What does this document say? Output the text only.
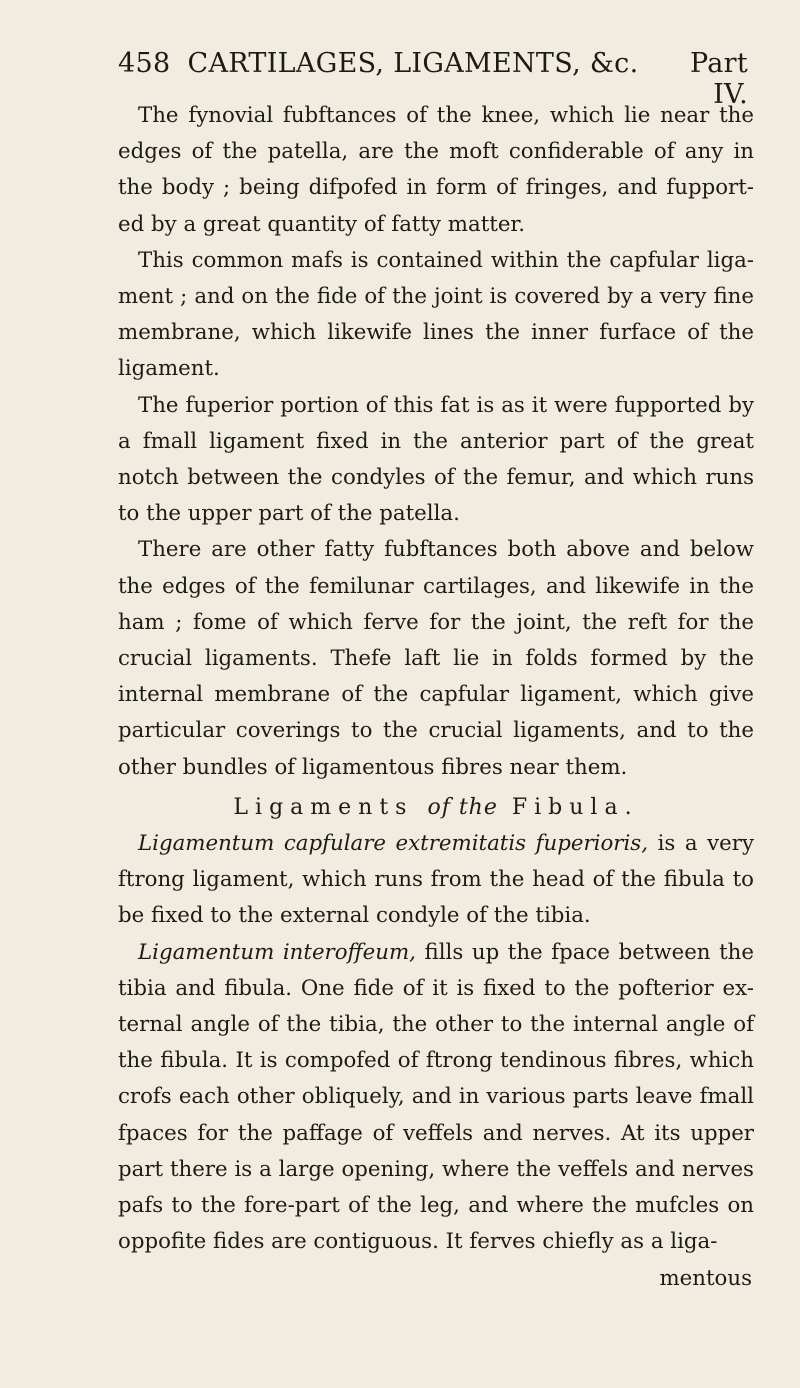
458 CARTILAGES, LIGAMENTS, &c.	Part IV.

The fynovial fubftances of the knee, which lie near the edges of the patella, are the moft confiderable of any in the body ; being difpofed in form of fringes, and fupport-ed by a great quantity of fatty matter.

This common mafs is contained within the capfular liga-ment ; and on the fide of the joint is covered by a very fine membrane, which likewife lines the inner furface of the ligament.

The fuperior portion of this fat is as it were fupported by a fmall ligament fixed in the anterior part of the great notch between the condyles of the femur, and which runs to the upper part of the patella.

There are other fatty fubftances both above and below the edges of the femilunar cartilages, and likewife in the ham ; fome of which ferve for the joint, the reft for the crucial ligaments. Thefe laft lie in folds formed by the internal membrane of the capfular ligament, which give particular coverings to the crucial ligaments, and to the other bundles of ligamentous fibres near them.

Ligaments of the Fibula.

Ligamentum capfulare extremitatis fuperioris, is a very ftrong ligament, which runs from the head of the fibula to be fixed to the external condyle of the tibia.

Ligamentum interoffeum, fills up the fpace between the tibia and fibula. One fide of it is fixed to the pofterior ex-ternal angle of the tibia, the other to the internal angle of the fibula. It is compofed of ftrong tendinous fibres, which crofs each other obliquely, and in various parts leave fmall fpaces for the paffage of veffels and nerves. At its upper part there is a large opening, where the veffels and nerves pafs to the fore-part of the leg, and where the mufcles on oppofite fides are contiguous. It ferves chiefly as a liga-

mentous
